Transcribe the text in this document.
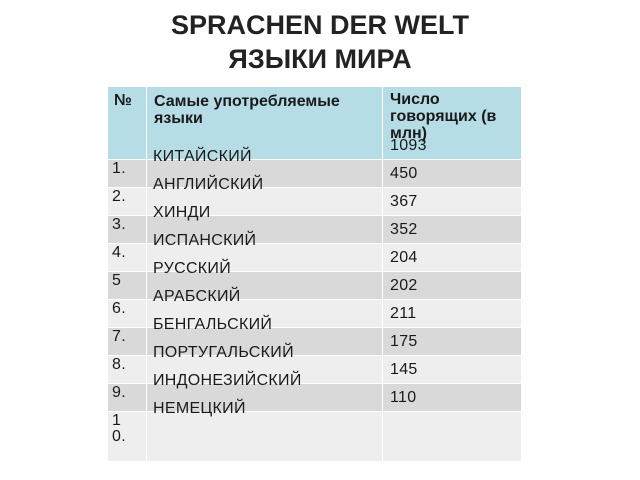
SPRACHEN DER WELT
ЯЗЫКИ МИРА
№	Самые употребляемые языки	Число говорящих (в млн)

1.	КИТАЙСКИЙ	1093

2.	АНГЛИЙСКИЙ	450

3.	ХИНДИ	367

4.	ИСПАНСКИЙ	352

5	РУССКИЙ	204

6.	АРАБСКИЙ	202

7.	БЕНГАЛЬСКИЙ	211

8.	ПОРТУГАЛЬСКИЙ	175

9.	ИНДОНЕЗИЙСКИЙ	145

10.	НЕМЕЦКИЙ	110
